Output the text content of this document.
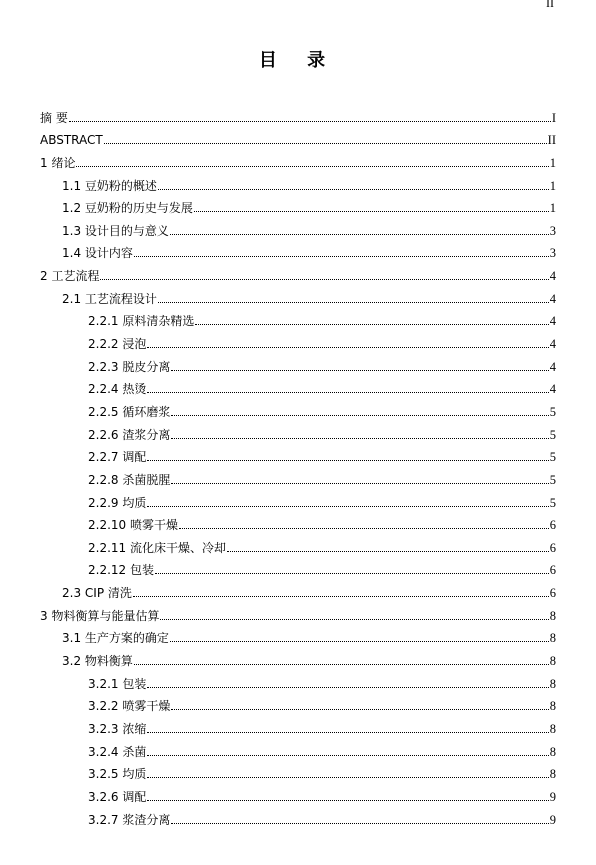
II
目 录
摘 要	I
ABSTRACT	II
1 绪论	1
1.1 豆奶粉的概述	1
1.2 豆奶粉的历史与发展	1
1.3 设计目的与意义	3
1.4 设计内容	3
2 工艺流程	4
2.1 工艺流程设计	4
2.2.1 原料清杂精选	4
2.2.2 浸泡	4
2.2.3 脱皮分离	4
2.2.4 热烫	4
2.2.5 循环磨浆	5
2.2.6 渣浆分离	5
2.2.7 调配	5
2.2.8 杀菌脱腥	5
2.2.9 均质	5
2.2.10 喷雾干燥	6
2.2.11 流化床干燥、冷却	6
2.2.12 包装	6
2.3 CIP 清洗	6
3 物料衡算与能量估算	8
3.1 生产方案的确定	8
3.2 物料衡算	8
3.2.1 包装	8
3.2.2 喷雾干燥	8
3.2.3 浓缩	8
3.2.4 杀菌	8
3.2.5 均质	8
3.2.6 调配	9
3.2.7 浆渣分离	9
